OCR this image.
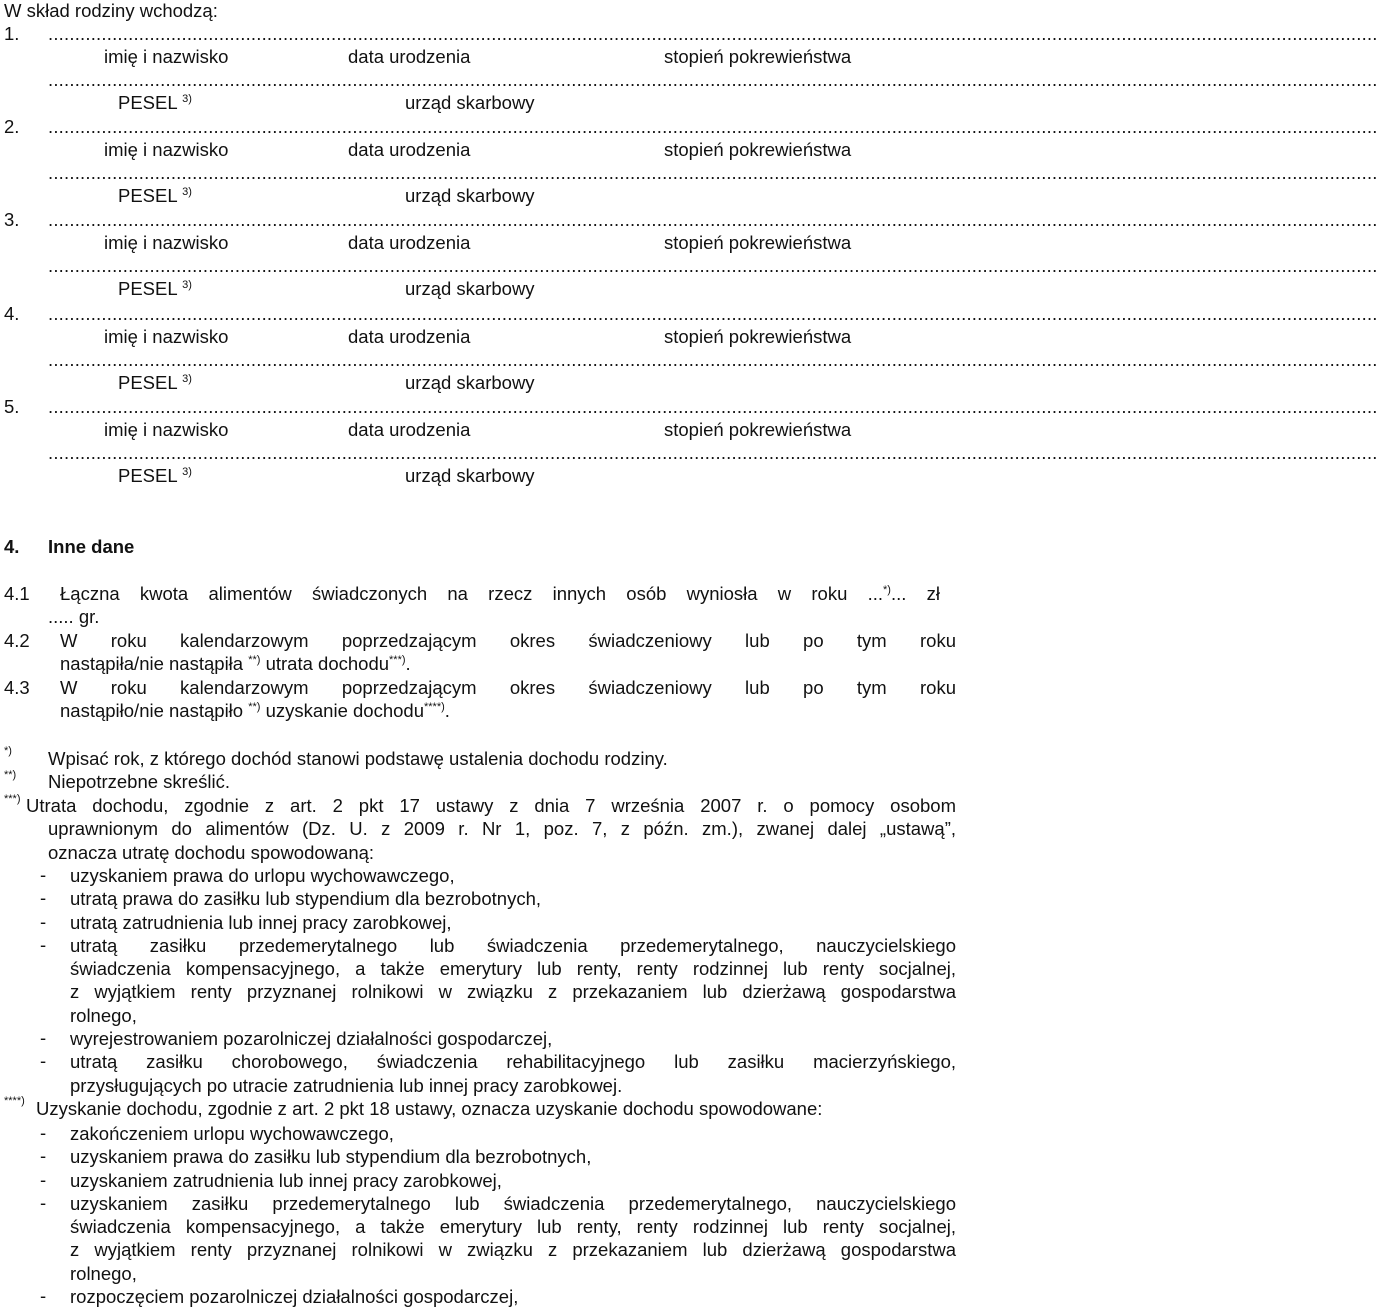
W skład rodziny wchodzą:
1. .........................................................................................................................................................................................................................................................
imię i nazwisko	data urodzenia	stopień pokrewieństwa
.........................................................................................................................................................................................................................................................
PESEL $^{3)}$	urząd skarbowy
2. .........................................................................................................................................................................................................................................................
imię i nazwisko	data urodzenia	stopień pokrewieństwa
.........................................................................................................................................................................................................................................................
PESEL $^{3)}$	urząd skarbowy
3. .........................................................................................................................................................................................................................................................
imię i nazwisko	data urodzenia	stopień pokrewieństwa
.........................................................................................................................................................................................................................................................
PESEL $^{3)}$	urząd skarbowy
4. .........................................................................................................................................................................................................................................................
imię i nazwisko	data urodzenia	stopień pokrewieństwa
.........................................................................................................................................................................................................................................................
PESEL $^{3)}$	urząd skarbowy
5. .........................................................................................................................................................................................................................................................
imię i nazwisko	data urodzenia	stopień pokrewieństwa
.........................................................................................................................................................................................................................................................
PESEL $^{3)}$	urząd skarbowy
4. Inne dane
4.1 Łączna kwota alimentów świadczonych na rzecz innych osób wyniosła w roku ...*)... zł
..... gr.
4.2 W roku kalendarzowym poprzedzającym okres świadczeniowy lub po tym roku
nastąpiła/nie nastąpiła **) utrata dochodu***).
4.3 W roku kalendarzowym poprzedzającym okres świadczeniowy lub po tym roku
nastąpiło/nie nastąpiło **) uzyskanie dochodu****).
*) Wpisać rok, z którego dochód stanowi podstawę ustalenia dochodu rodziny.
**) Niepotrzebne skreślić.
***) Utrata dochodu, zgodnie z art. 2 pkt 17 ustawy z dnia 7 września 2007 r. o pomocy osobom
uprawnionym do alimentów (Dz. U. z 2009 r. Nr 1, poz. 7, z późn. zm.), zwanej dalej „ustawą”,
oznacza utratę dochodu spowodowaną:
- uzyskaniem prawa do urlopu wychowawczego,
- utratą prawa do zasiłku lub stypendium dla bezrobotnych,
- utratą zatrudnienia lub innej pracy zarobkowej,
- utratą zasiłku przedemerytalnego lub świadczenia przedemerytalnego, nauczycielskiego
świadczenia kompensacyjnego, a także emerytury lub renty, renty rodzinnej lub renty socjalnej,
z wyjątkiem renty przyznanej rolnikowi w związku z przekazaniem lub dzierżawą gospodarstwa
rolnego,
- wyrejestrowaniem pozarolniczej działalności gospodarczej,
- utratą zasiłku chorobowego, świadczenia rehabilitacyjnego lub zasiłku macierzyńskiego,
przysługujących po utracie zatrudnienia lub innej pracy zarobkowej.
****) Uzyskanie dochodu, zgodnie z art. 2 pkt 18 ustawy, oznacza uzyskanie dochodu spowodowane:
- zakończeniem urlopu wychowawczego,
- uzyskaniem prawa do zasiłku lub stypendium dla bezrobotnych,
- uzyskaniem zatrudnienia lub innej pracy zarobkowej,
- uzyskaniem zasiłku przedemerytalnego lub świadczenia przedemerytalnego, nauczycielskiego
świadczenia kompensacyjnego, a także emerytury lub renty, renty rodzinnej lub renty socjalnej,
z wyjątkiem renty przyznanej rolnikowi w związku z przekazaniem lub dzierżawą gospodarstwa
rolnego,
- rozpoczęciem pozarolniczej działalności gospodarczej,
